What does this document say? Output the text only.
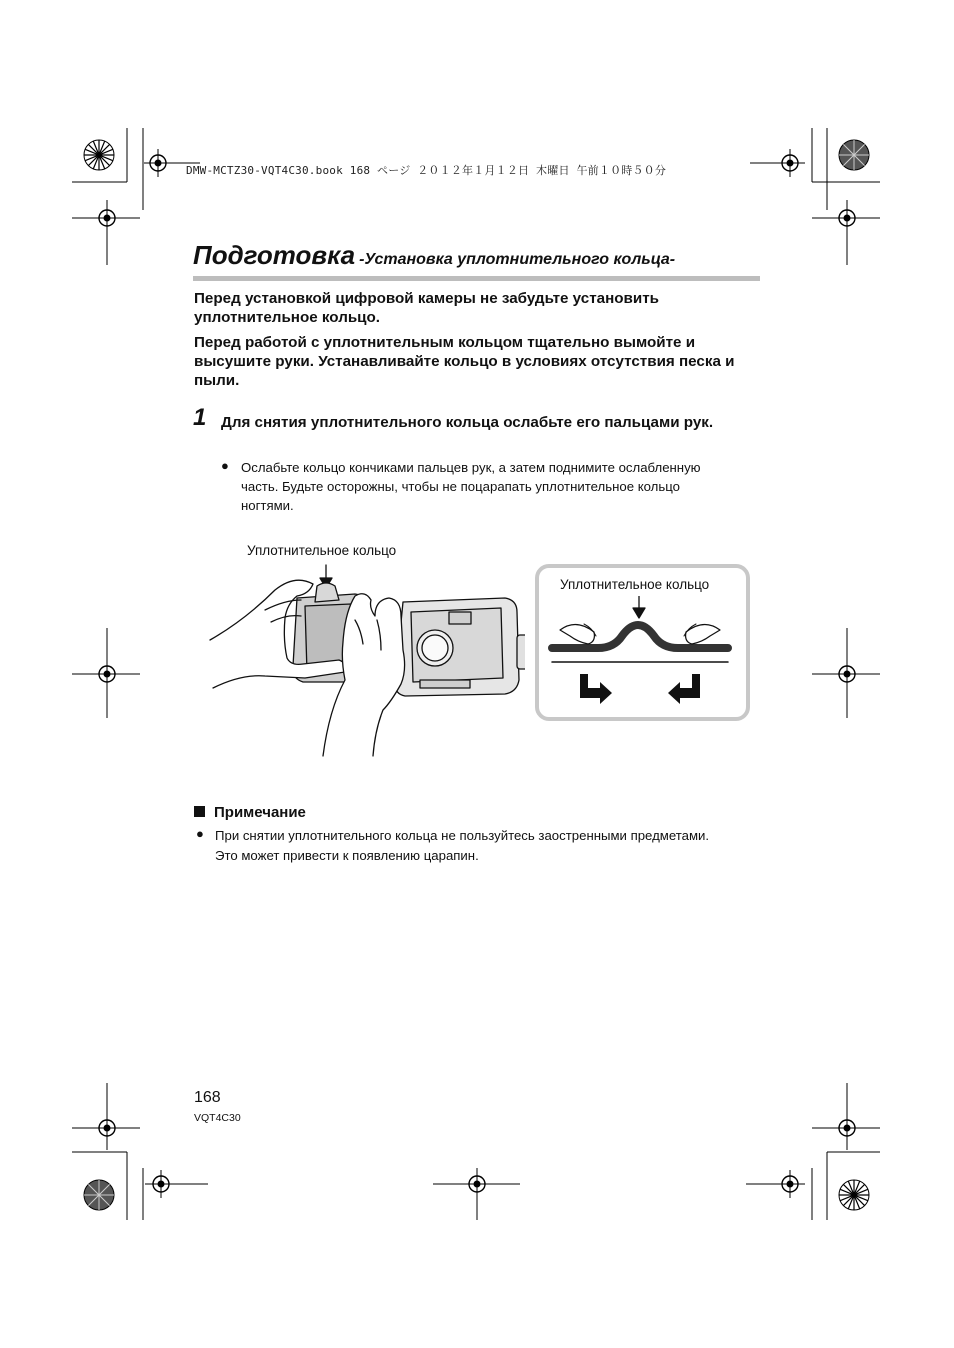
DMW-MCTZ30-VQT4C30.book 168 ページ ２０１２年１月１２日 木曜日 午前１０時５０分
Подготовка -Установка уплотнительного кольца-
Перед установкой цифровой камеры не забудьте установить уплотнительное кольцо.
Перед работой с уплотнительным кольцом тщательно вымойте и высушите руки. Устанавливайте кольцо в условиях отсутствия песка и пыли.
1 Для снятия уплотнительного кольца ослабьте его пальцами рук.
● Ослабьте кольцо кончиками пальцев рук, а затем поднимите ослабленную часть. Будьте осторожны, чтобы не поцарапать уплотнительное кольцо ногтями.
Уплотнительное кольцо
Уплотнительное кольцо
Примечание
● При снятии уплотнительного кольца не пользуйтесь заостренными предметами. Это может привести к появлению царапин.
168
VQT4C30
